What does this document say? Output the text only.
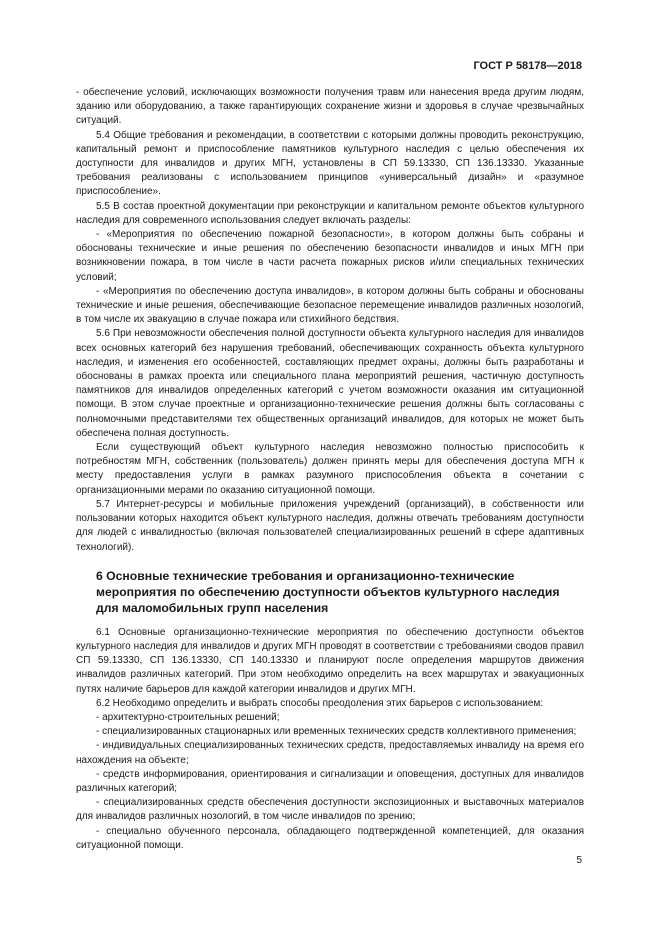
ГОСТ Р 58178—2018

- обеспечение условий, исключающих возможности получения травм или нанесения вреда другим людям, зданию или оборудованию, а также гарантирующих сохранение жизни и здоровья в случае чрезвычайных ситуаций.

5.4 Общие требования и рекомендации, в соответствии с которыми должны проводить реконструкцию, капитальный ремонт и приспособление памятников культурного наследия с целью обеспечения их доступности для инвалидов и других МГН, установлены в СП 59.13330, СП 136.13330. Указанные требования реализованы с использованием принципов «универсальный дизайн» и «разумное приспособление».

5.5 В состав проектной документации при реконструкции и капитальном ремонте объектов культурного наследия для современного использования следует включать разделы:

- «Мероприятия по обеспечению пожарной безопасности», в котором должны быть собраны и обоснованы технические и иные решения по обеспечению безопасности инвалидов и иных МГН при возникновении пожара, в том числе в части расчета пожарных рисков и/или специальных технических условий;

- «Мероприятия по обеспечению доступа инвалидов», в котором должны быть собраны и обоснованы технические и иные решения, обеспечивающие безопасное перемещение инвалидов различных нозологий, в том числе их эвакуацию в случае пожара или стихийного бедствия.

5.6 При невозможности обеспечения полной доступности объекта культурного наследия для инвалидов всех основных категорий без нарушения требований, обеспечивающих сохранность объекта культурного наследия, и изменения его особенностей, составляющих предмет охраны, должны быть разработаны и обоснованы в рамках проекта или специального плана мероприятий решения, частичную доступность памятников для инвалидов определенных категорий с учетом возможности оказания им ситуационной помощи. В этом случае проектные и организационно-технические решения должны быть согласованы с полномочными представителями тех общественных организаций инвалидов, для которых не может быть обеспечена полная доступность.

Если существующий объект культурного наследия невозможно полностью приспособить к потребностям МГН, собственник (пользователь) должен принять меры для обеспечения доступа МГН к месту предоставления услуги в рамках разумного приспособления объекта в сочетании с организационными мерами по оказанию ситуационной помощи.

5.7 Интернет-ресурсы и мобильные приложения учреждений (организаций), в собственности или пользовании которых находится объект культурного наследия, должны отвечать требованиям доступности для людей с инвалидностью (включая пользователей специализированных решений в сфере адаптивных технологий).

6 Основные технические требования и организационно-технические мероприятия по обеспечению доступности объектов культурного наследия для маломобильных групп населения

6.1 Основные организационно-технические мероприятия по обеспечению доступности объектов культурного наследия для инвалидов и других МГН проводят в соответствии с требованиями сводов правил СП 59.13330, СП 136.13330, СП 140.13330 и планируют после определения маршрутов движения инвалидов различных категорий. При этом необходимо определить на всех маршрутах и эвакуационных путях наличие барьеров для каждой категории инвалидов и других МГН.

6.2 Необходимо определить и выбрать способы преодоления этих барьеров с использованием:

- архитектурно-строительных решений;

- специализированных стационарных или временных технических средств коллективного применения;

- индивидуальных специализированных технических средств, предоставляемых инвалиду на время его нахождения на объекте;

- средств информирования, ориентирования и сигнализации и оповещения, доступных для инвалидов различных категорий;

- специализированных средств обеспечения доступности экспозиционных и выставочных материалов для инвалидов различных нозологий, в том числе инвалидов по зрению;

- специально обученного персонала, обладающего подтвержденной компетенцией, для оказания ситуационной помощи.

5
